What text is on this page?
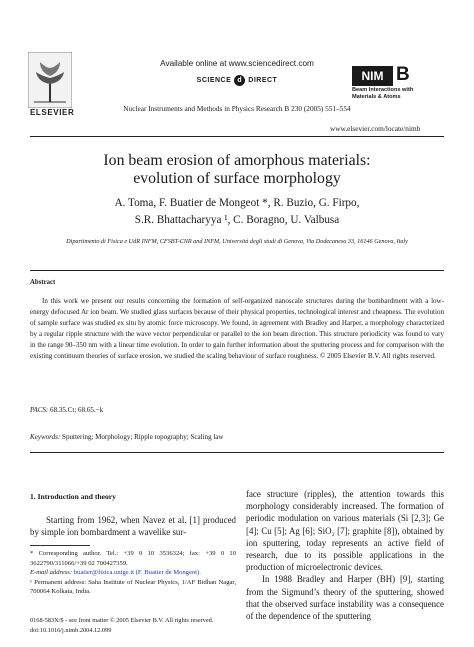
ELSEVIER
Available online at www.sciencedirect.com
SCIENCE d DIRECT
Nuclear Instruments and Methods in Physics Research B 230 (2005) 551–554
NIM B
Beam Interactions with Materials & Atoms
www.elsevier.com/locate/nimb
Ion beam erosion of amorphous materials:
evolution of surface morphology
A. Toma, F. Buatier de Mongeot *, R. Buzio, G. Firpo,
S.R. Bhattacharyya ¹, C. Boragno, U. Valbusa
Dipartimento di Fisica e UdR INFM, CFSBT-CNR and INFM, Università degli studi di Genova, Via Dodecaneso 33, 16146 Genova, Italy
Abstract
In this work we present our results concerning the formation of self-organized nanoscale structures during the bombardment with a low-energy defocused Ar ion beam. We studied glass surfaces because of their physical properties, technological interest and cheapness. The evolution of sample surface was studied ex situ by atomic force microscopy. We found, in agreement with Bradley and Harper, a morphology characterized by a regular ripple structure with the wave vector perpendicular or parallel to the ion beam direction. This structure periodicity was found to vary in the range 90–350 nm with a linear time evolution. In order to gain further information about the sputtering process and for comparison with the existing continuum theories of surface erosion, we studied the scaling behaviour of surface roughness. © 2005 Elsevier B.V. All rights reserved.
PACS: 68.35.Ct; 68.65.−k
Keywords: Sputtering; Morphology; Ripple topography; Scaling law
1. Introduction and theory
Starting from 1962, when Navez et al. [1] produced by simple ion bombardment a wavelike sur-

* Corresponding author. Tel.: +39 0 10 3536324; fax: +39 0 10 3622790/311066/+39 02 700427359.

E-mail address: buatier@fisica.unige.it (F. Buatier de Mongeot).

¹ Permanent address: Saha Institute of Nuclear Physics, 1/AF Bidhan Nagar, 700064 Kolkata, India.

face structure (ripples), the attention towards this morphology considerably increased. The formation of periodic modulation on various materials (Si [2,3]; Ge [4]; Cu [5]; Ag [6]; SiO₂ [7]; graphite [8]), obtained by ion sputtering, today represents an active field of research, due to its possible applications in the production of microelectronic devices.

In 1988 Bradley and Harper (BH) [9], starting from the Sigmund’s theory of the sputtering, showed that the observed surface instability was a consequence of the dependence of the sputtering

0168-583X/$ - see front matter © 2005 Elsevier B.V. All rights reserved.
doi:10.1016/j.nimb.2004.12.099
